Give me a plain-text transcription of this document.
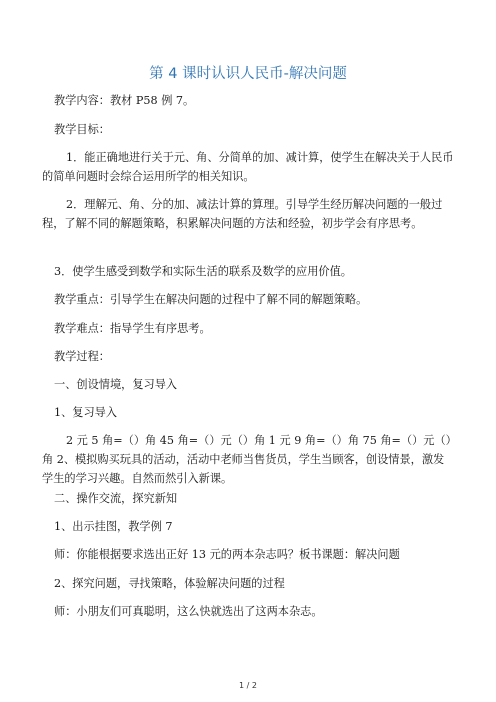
第 4 课时认识人民币-解决问题
教学内容：教材 P58 例 7。
教学目标：
1．能正确地进行关于元、角、分简单的加、减计算，使学生在解决关于人民币的简单问题时会综合运用所学的相关知识。
2．理解元、角、分的加、减法计算的算理。引导学生经历解决问题的一般过程，了解不同的解题策略，积累解决问题的方法和经验，初步学会有序思考。
3．使学生感受到数学和实际生活的联系及数学的应用价值。
教学重点：引导学生在解决问题的过程中了解不同的解题策略。
教学难点：指导学生有序思考。
教学过程：
一、创设情境，复习导入
1、复习导入
2 元 5 角=（）角 45 角=（）元（）角 1 元 9 角=（）角 75 角=（）元（）角 2、模拟购买玩具的活动，活动中老师当售货员，学生当顾客，创设情景，激发学生的学习兴趣。自然而然引入新课。
二、操作交流，探究新知
1、出示挂图，教学例 7
师：你能根据要求选出正好 13 元的两本杂志吗？板书课题：解决问题
2、探究问题，寻找策略，体验解决问题的过程
师：小朋友们可真聪明，这么快就选出了这两本杂志。
1 / 2
